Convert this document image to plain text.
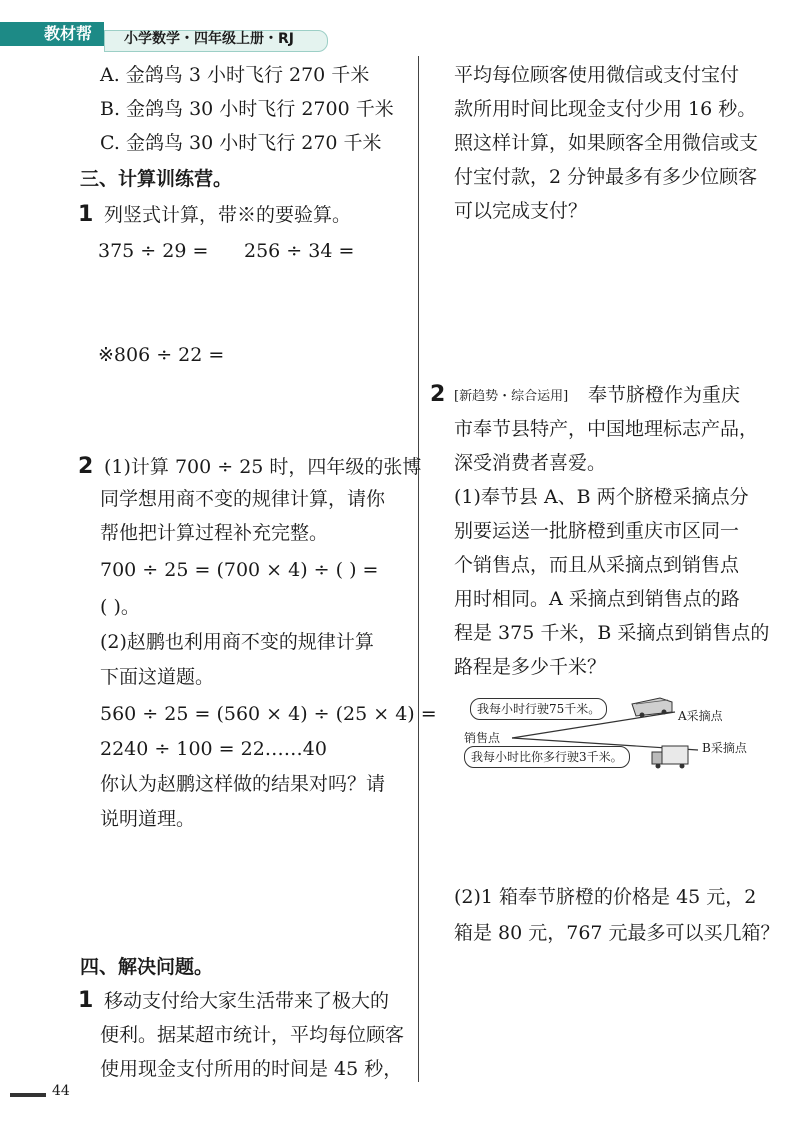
教材帮 小学数学・四年级上册・RJ
A. 金鸽鸟 3 小时飞行 270 千米
B. 金鸽鸟 30 小时飞行 2700 千米
C. 金鸽鸟 30 小时飞行 270 千米
三、计算训练营。
1 列竖式计算，带※的要验算。
375 ÷ 29 = 256 ÷ 34 =
※806 ÷ 22 =
2 (1)计算 700 ÷ 25 时，四年级的张博
同学想用商不变的规律计算，请你
帮他把计算过程补充完整。
700 ÷ 25 = (700 × 4) ÷ ( ) =
( )。
(2)赵鹏也利用商不变的规律计算
下面这道题。
560 ÷ 25 = (560 × 4) ÷ (25 × 4) =
2240 ÷ 100 = 22……40
你认为赵鹏这样做的结果对吗？请
说明道理。
四、解决问题。
1 移动支付给大家生活带来了极大的
便利。据某超市统计，平均每位顾客
使用现金支付所用的时间是 45 秒，
44
平均每位顾客使用微信或支付宝付
款所用时间比现金支付少用 16 秒。
照这样计算，如果顾客全用微信或支
付宝付款，2 分钟最多有多少位顾客
可以完成支付？
2 [新趋势・综合运用] 奉节脐橙作为重庆
市奉节县特产，中国地理标志产品，
深受消费者喜爱。
(1)奉节县 A、B 两个脐橙采摘点分
别要运送一批脐橙到重庆市区同一
个销售点，而且从采摘点到销售点
用时相同。A 采摘点到销售点的路
程是 375 千米，B 采摘点到销售点的
路程是多少千米？
我每小时行驶75千米。	A采摘点
销售点
我每小时比你多行驶3千米。
B采摘点
(2)1 箱奉节脐橙的价格是 45 元，2
箱是 80 元，767 元最多可以买几箱？
